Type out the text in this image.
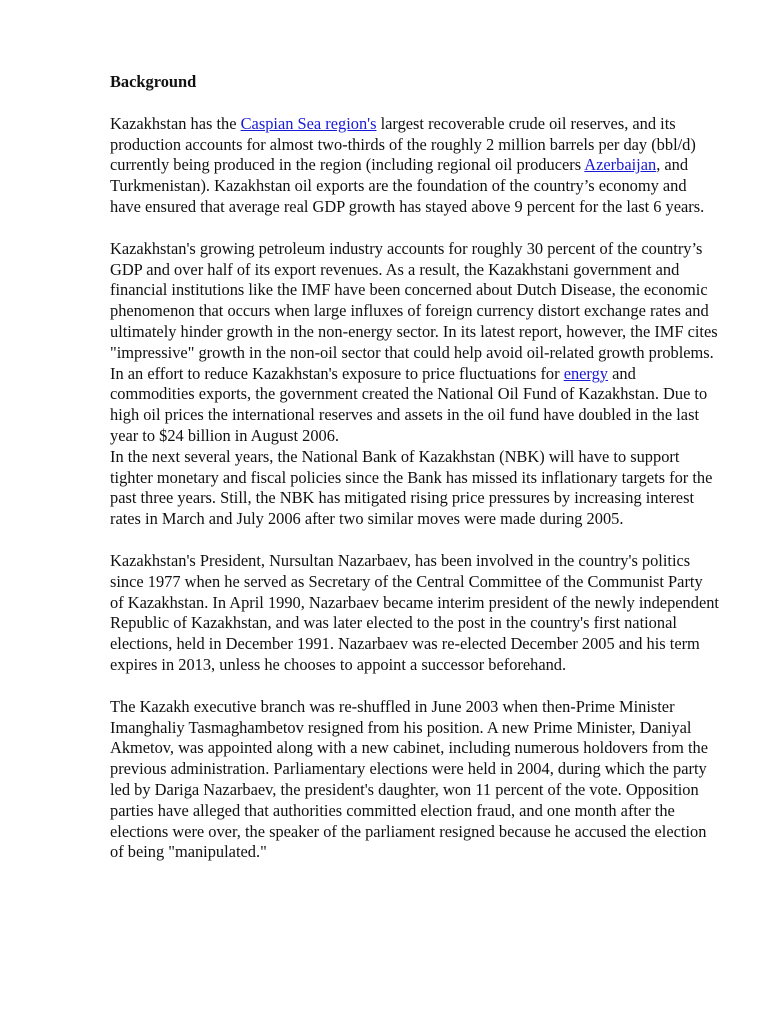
Background

Kazakhstan has the Caspian Sea region's largest recoverable crude oil reserves, and its production accounts for almost two-thirds of the roughly 2 million barrels per day (bbl/d) currently being produced in the region (including regional oil producers Azerbaijan, and Turkmenistan). Kazakhstan oil exports are the foundation of the country’s economy and have ensured that average real GDP growth has stayed above 9 percent for the last 6 years.

Kazakhstan's growing petroleum industry accounts for roughly 30 percent of the country’s GDP and over half of its export revenues. As a result, the Kazakhstani government and financial institutions like the IMF have been concerned about Dutch Disease, the economic phenomenon that occurs when large influxes of foreign currency distort exchange rates and ultimately hinder growth in the non-energy sector. In its latest report, however, the IMF cites "impressive" growth in the non-oil sector that could help avoid oil-related growth problems. In an effort to reduce Kazakhstan's exposure to price fluctuations for energy and commodities exports, the government created the National Oil Fund of Kazakhstan. Due to high oil prices the international reserves and assets in the oil fund have doubled in the last year to $24 billion in August 2006.

In the next several years, the National Bank of Kazakhstan (NBK) will have to support tighter monetary and fiscal policies since the Bank has missed its inflationary targets for the past three years. Still, the NBK has mitigated rising price pressures by increasing interest rates in March and July 2006 after two similar moves were made during 2005.

Kazakhstan's President, Nursultan Nazarbaev, has been involved in the country's politics since 1977 when he served as Secretary of the Central Committee of the Communist Party of Kazakhstan. In April 1990, Nazarbaev became interim president of the newly independent Republic of Kazakhstan, and was later elected to the post in the country's first national elections, held in December 1991. Nazarbaev was re-elected December 2005 and his term expires in 2013, unless he chooses to appoint a successor beforehand.

The Kazakh executive branch was re-shuffled in June 2003 when then-Prime Minister Imanghaliy Tasmaghambetov resigned from his position. A new Prime Minister, Daniyal Akmetov, was appointed along with a new cabinet, including numerous holdovers from the previous administration. Parliamentary elections were held in 2004, during which the party led by Dariga Nazarbaev, the president's daughter, won 11 percent of the vote. Opposition parties have alleged that authorities committed election fraud, and one month after the elections were over, the speaker of the parliament resigned because he accused the election of being "manipulated."
